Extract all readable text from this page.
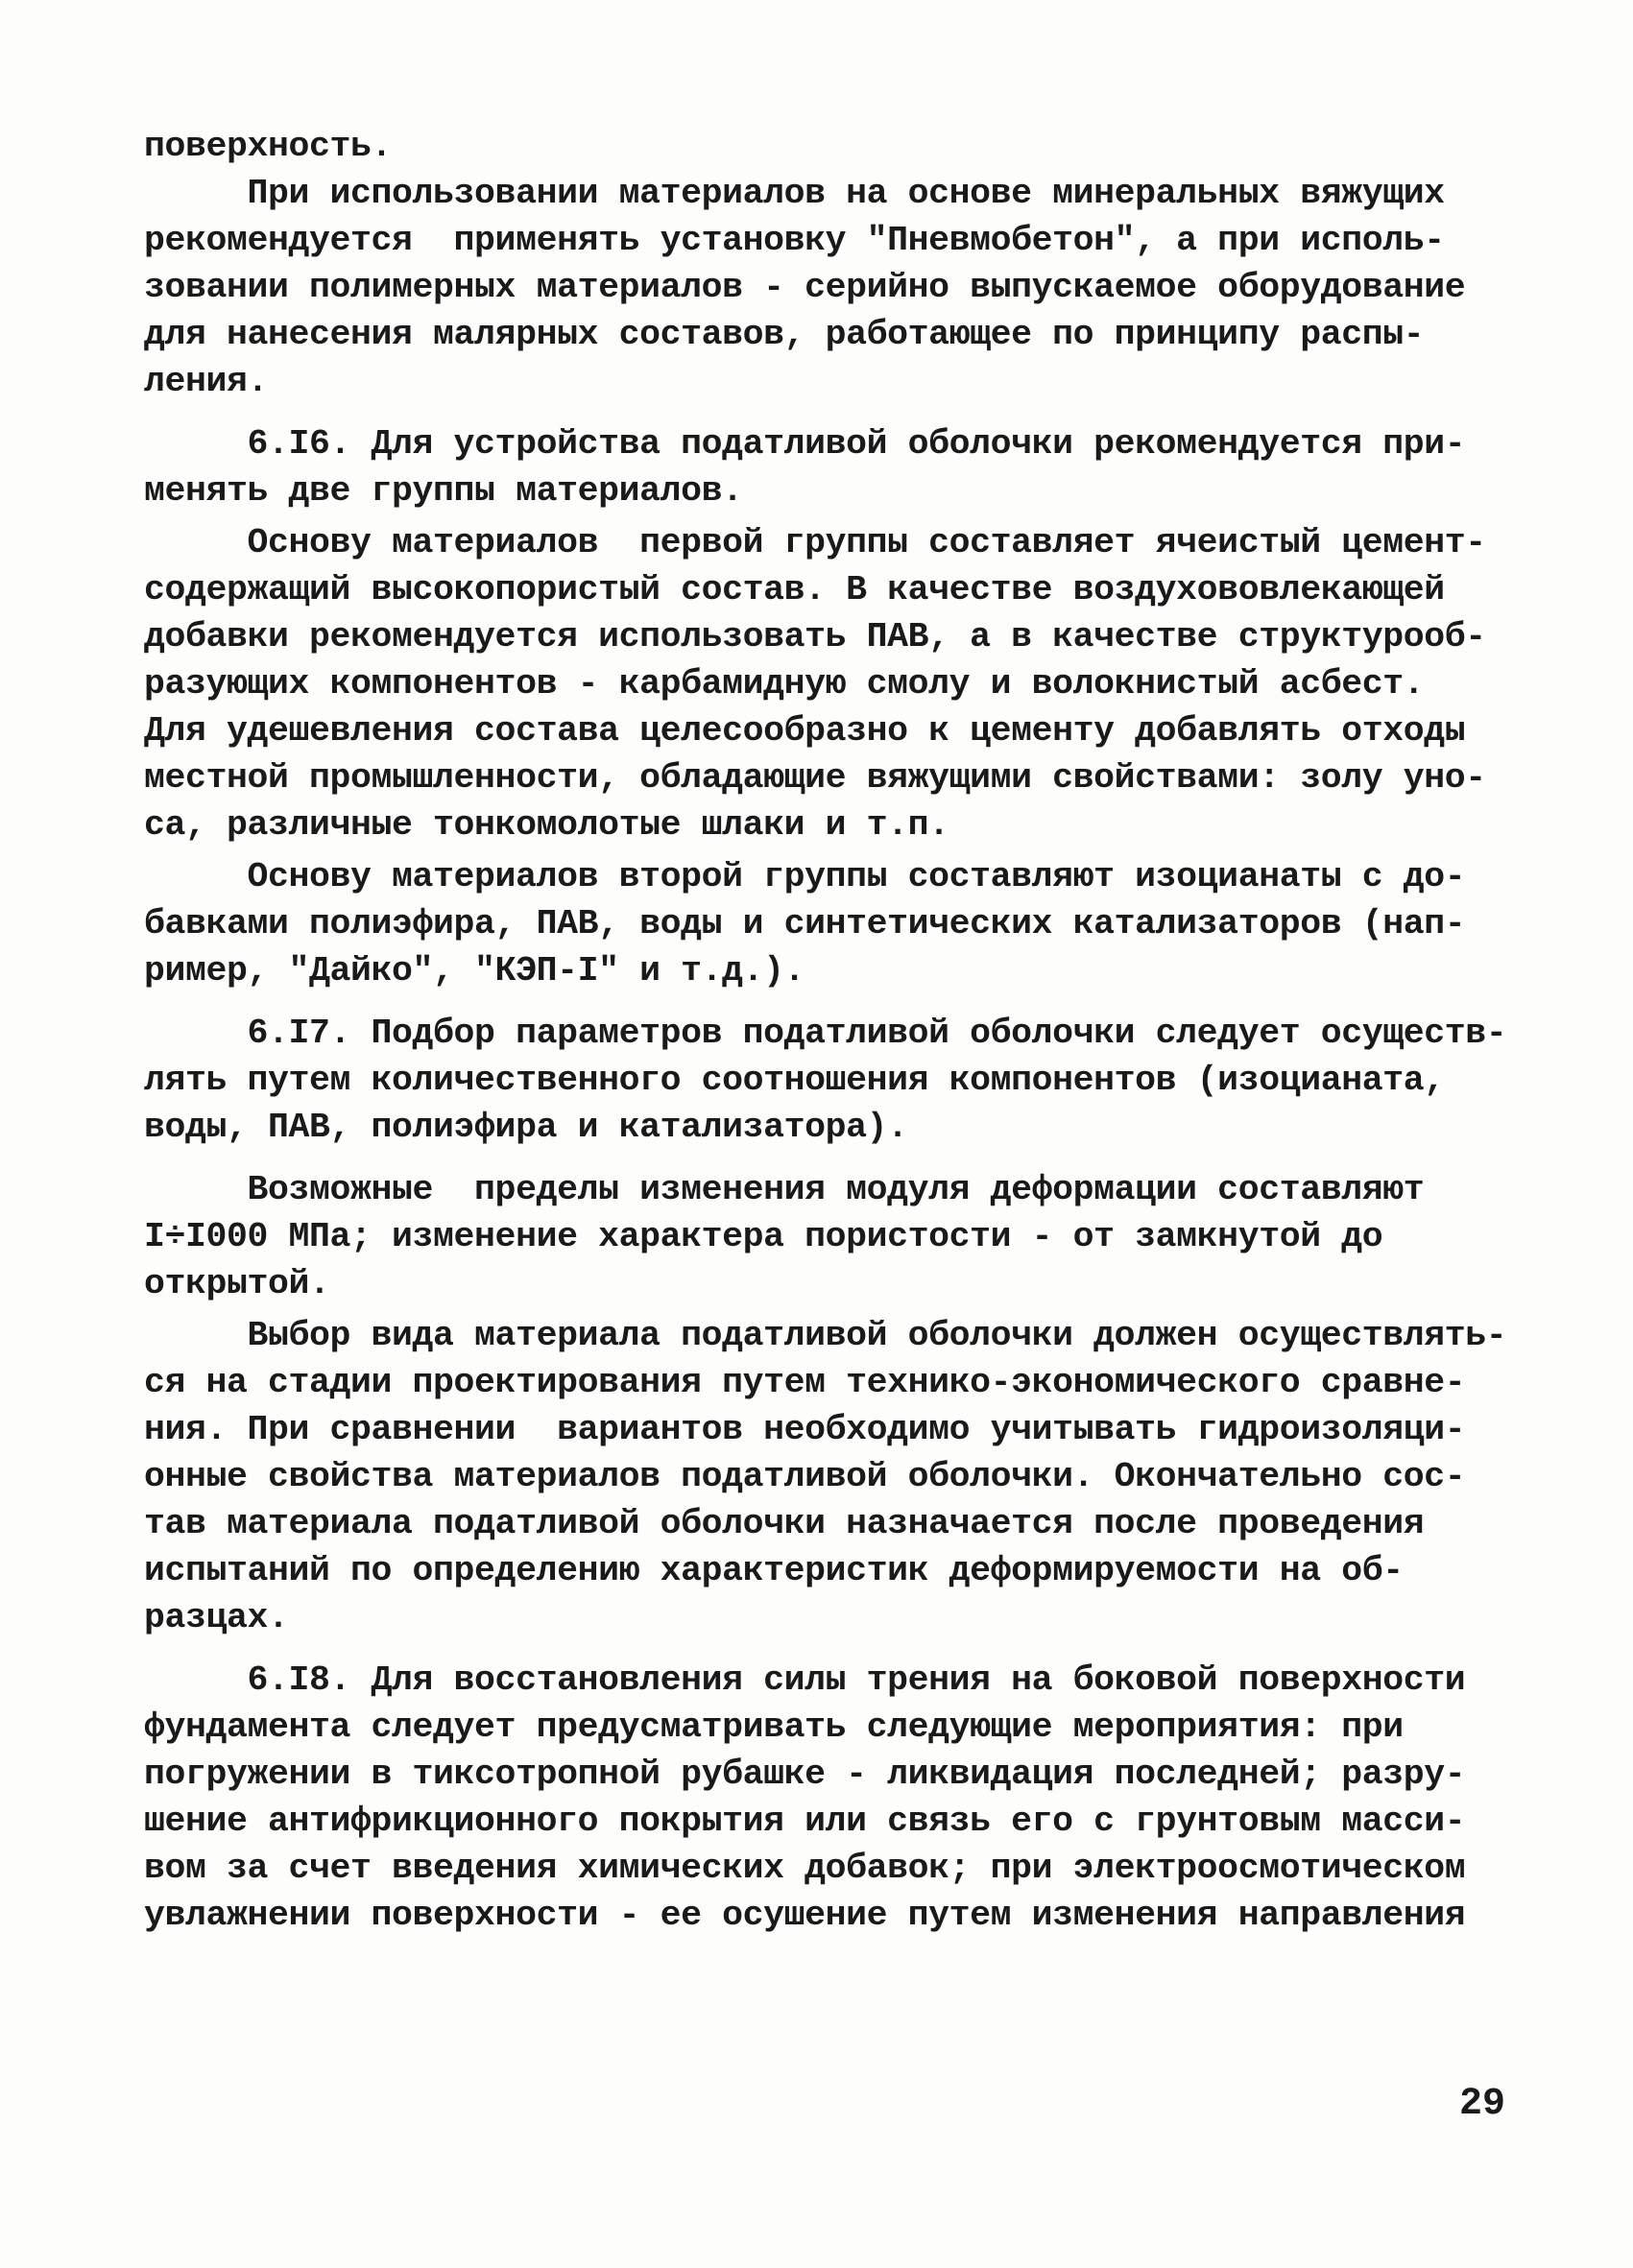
поверхность.
При использовании материалов на основе минеральных вяжущих
рекомендуется  применять установку "Пневмобетон", а при исполь-
зовании полимерных материалов - серийно выпускаемое оборудование
для нанесения малярных составов, работающее по принципу распы-
ления.
6.I6. Для устройства податливой оболочки рекомендуется при-
менять две группы материалов.
Основу материалов  первой группы составляет ячеистый цемент-
содержащий высокопористый состав. В качестве воздухововлекающей
добавки рекомендуется использовать ПАВ, а в качестве структурооб-
разующих компонентов - карбамидную смолу и волокнистый асбест.
Для удешевления состава целесообразно к цементу добавлять отходы
местной промышленности, обладающие вяжущими свойствами: золу уно-
са, различные тонкомолотые шлаки и т.п.
Основу материалов второй группы составляют изоцианаты с до-
бавками полиэфира, ПАВ, воды и синтетических катализаторов (нап-
ример, "Дайко", "КЭП-I" и т.д.).
6.I7. Подбор параметров податливой оболочки следует осуществ-
лять путем количественного соотношения компонентов (изоцианата,
воды, ПАВ, полиэфира и катализатора).
Возможные  пределы изменения модуля деформации составляют
I÷I000 МПа; изменение характера пористости - от замкнутой до
открытой.
Выбор вида материала податливой оболочки должен осуществлять-
ся на стадии проектирования путем технико-экономического сравне-
ния. При сравнении  вариантов необходимо учитывать гидроизоляци-
онные свойства материалов податливой оболочки. Окончательно сос-
тав материала податливой оболочки назначается после проведения
испытаний по определению характеристик деформируемости на об-
разцах.
6.I8. Для восстановления силы трения на боковой поверхности
фундамента следует предусматривать следующие мероприятия: при
погружении в тиксотропной рубашке - ликвидация последней; разру-
шение антифрикционного покрытия или связь его с грунтовым масси-
вом за счет введения химических добавок; при электроосмотическом
увлажнении поверхности - ее осушение путем изменения направления
29
